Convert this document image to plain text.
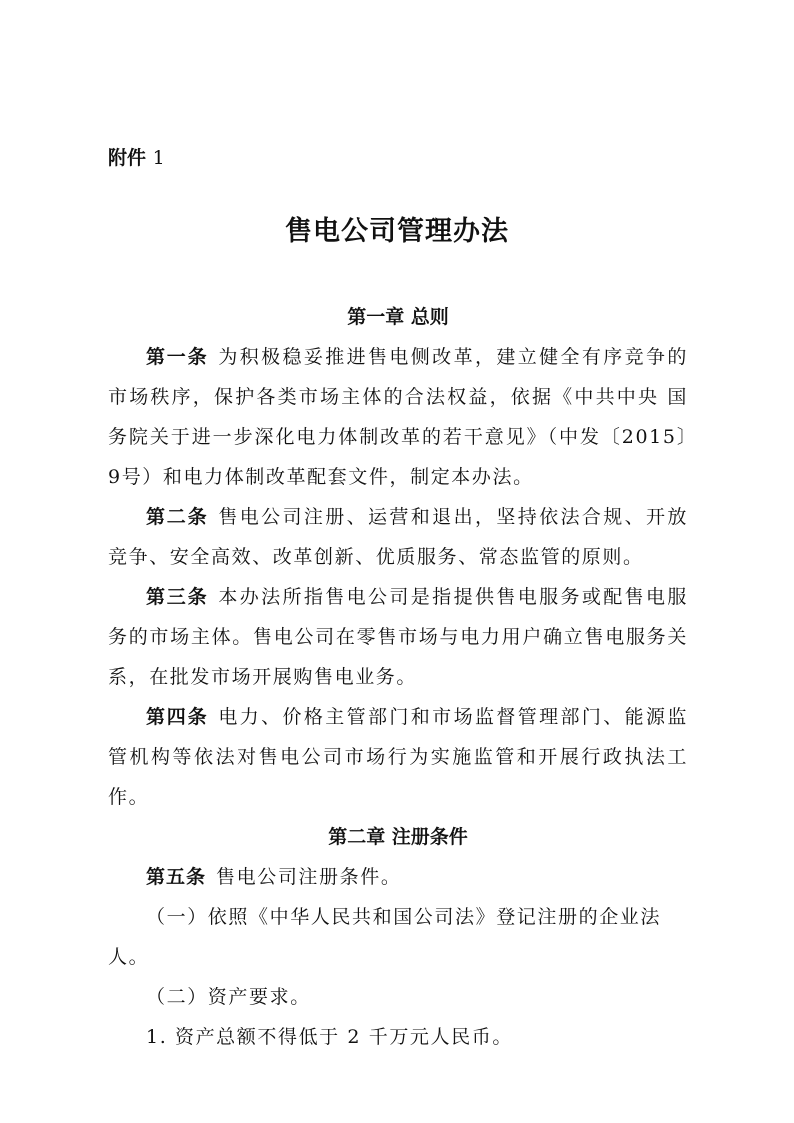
附件 1
售电公司管理办法
第一章 总则

第一条 为积极稳妥推进售电侧改革，建立健全有序竞争的市场秩序，保护各类市场主体的合法权益，依据《中共中央 国务院关于进一步深化电力体制改革的若干意见》（中发〔2015〕9号）和电力体制改革配套文件，制定本办法。

第二条 售电公司注册、运营和退出，坚持依法合规、开放竞争、安全高效、改革创新、优质服务、常态监管的原则。

第三条 本办法所指售电公司是指提供售电服务或配售电服务的市场主体。售电公司在零售市场与电力用户确立售电服务关系，在批发市场开展购售电业务。

第四条 电力、价格主管部门和市场监督管理部门、能源监管机构等依法对售电公司市场行为实施监管和开展行政执法工作。

第二章 注册条件

第五条 售电公司注册条件。

（一）依照《中华人民共和国公司法》登记注册的企业法人。

（二）资产要求。

1. 资产总额不得低于 2 千万元人民币。
